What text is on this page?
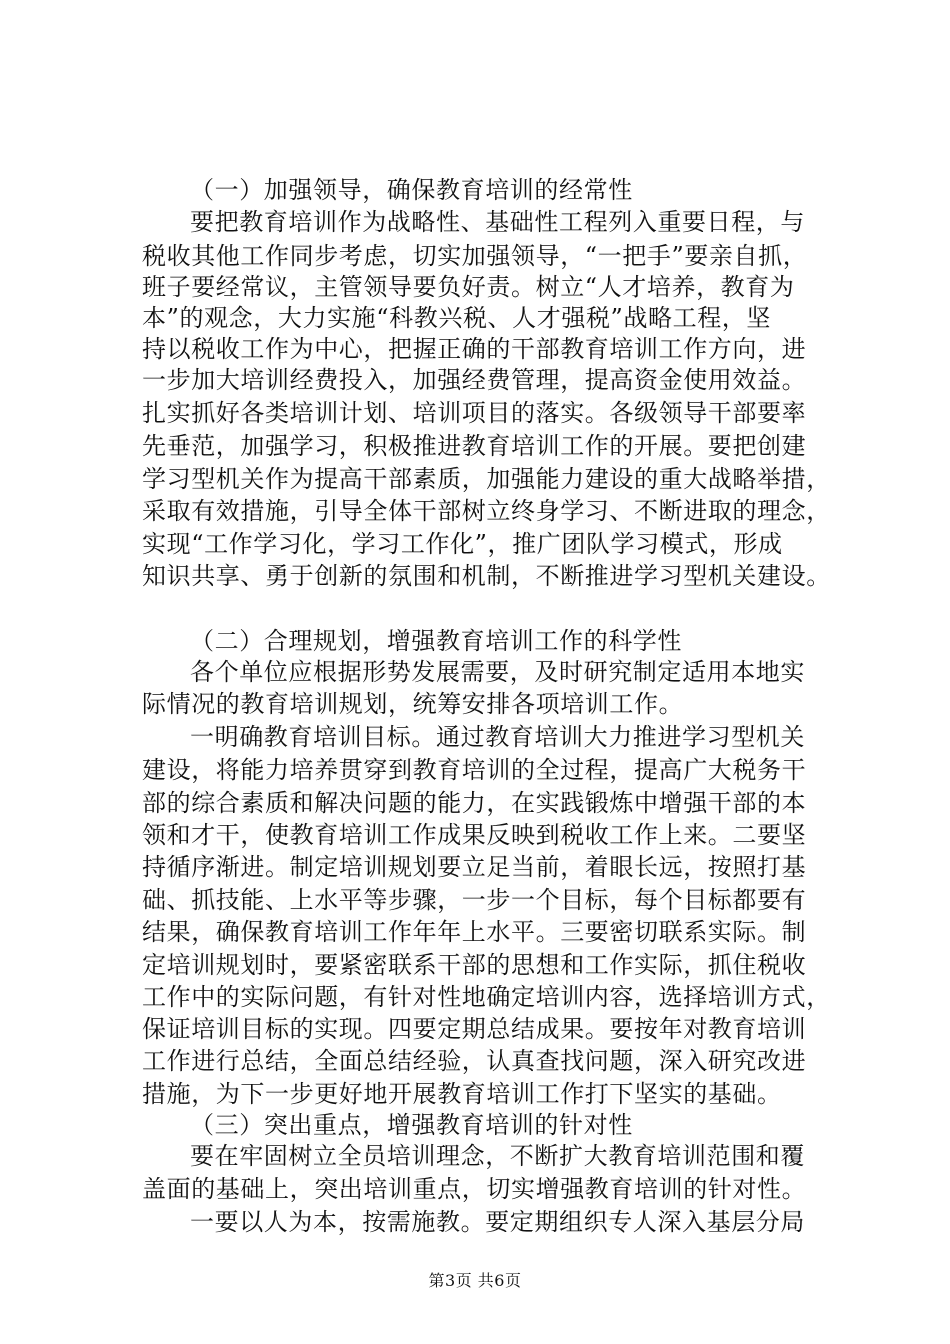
（一）加强领导，确保教育培训的经常性
要把教育培训作为战略性、基础性工程列入重要日程，与
税收其他工作同步考虑，切实加强领导，“一把手”要亲自抓，
班子要经常议，主管领导要负好责。树立“人才培养，教育为
本”的观念，大力实施“科教兴税、人才强税”战略工程，坚
持以税收工作为中心，把握正确的干部教育培训工作方向，进
一步加大培训经费投入，加强经费管理，提高资金使用效益。
扎实抓好各类培训计划、培训项目的落实。各级领导干部要率
先垂范，加强学习，积极推进教育培训工作的开展。要把创建
学习型机关作为提高干部素质，加强能力建设的重大战略举措，
采取有效措施，引导全体干部树立终身学习、不断进取的理念，
实现“工作学习化，学习工作化”，推广团队学习模式，形成
知识共享、勇于创新的氛围和机制，不断推进学习型机关建设。
（二）合理规划，增强教育培训工作的科学性
各个单位应根据形势发展需要，及时研究制定适用本地实
际情况的教育培训规划，统筹安排各项培训工作。
一明确教育培训目标。通过教育培训大力推进学习型机关
建设，将能力培养贯穿到教育培训的全过程，提高广大税务干
部的综合素质和解决问题的能力，在实践锻炼中增强干部的本
领和才干，使教育培训工作成果反映到税收工作上来。二要坚
持循序渐进。制定培训规划要立足当前，着眼长远，按照打基
础、抓技能、上水平等步骤，一步一个目标，每个目标都要有
结果，确保教育培训工作年年上水平。三要密切联系实际。制
定培训规划时，要紧密联系干部的思想和工作实际，抓住税收
工作中的实际问题，有针对性地确定培训内容，选择培训方式，
保证培训目标的实现。四要定期总结成果。要按年对教育培训
工作进行总结，全面总结经验，认真查找问题，深入研究改进
措施，为下一步更好地开展教育培训工作打下坚实的基础。
（三）突出重点，增强教育培训的针对性
要在牢固树立全员培训理念，不断扩大教育培训范围和覆
盖面的基础上，突出培训重点，切实增强教育培训的针对性。
一要以人为本，按需施教。要定期组织专人深入基层分局
第3页 共6页
